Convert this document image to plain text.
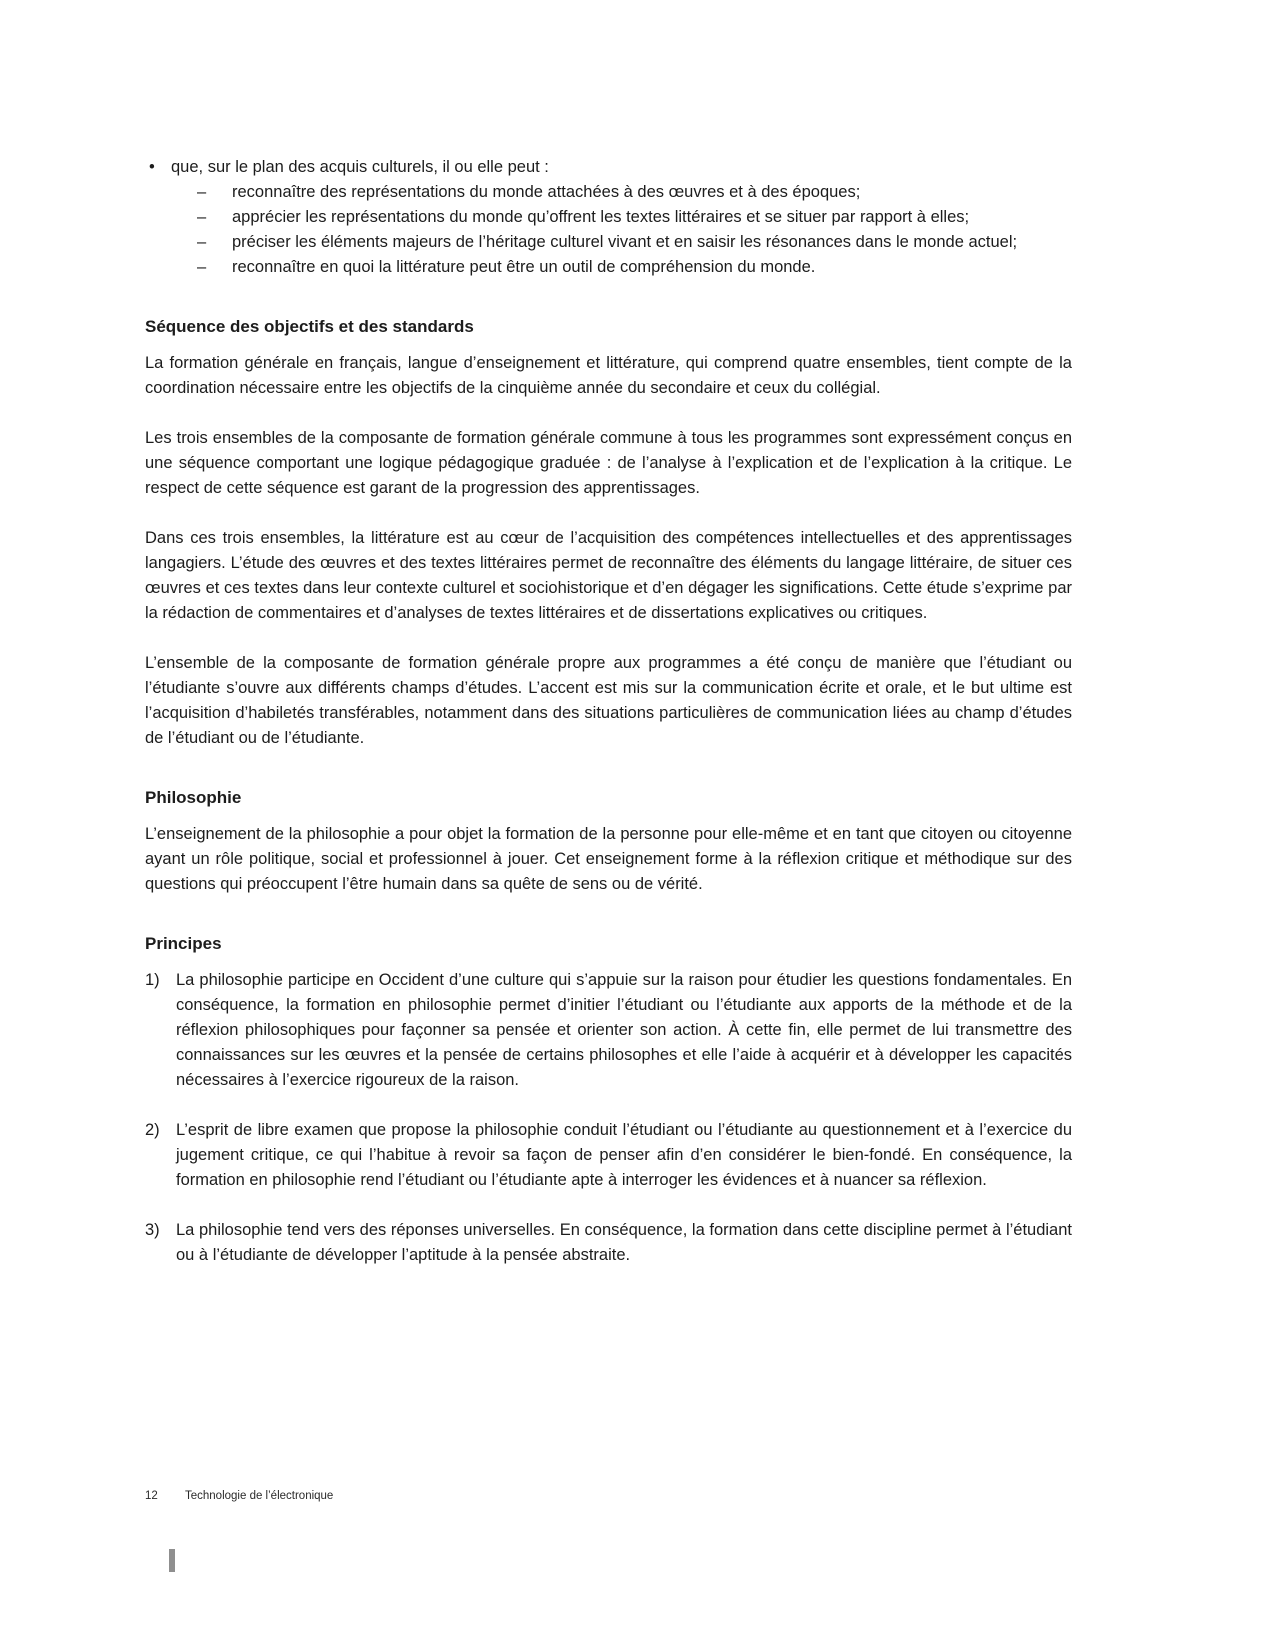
• que, sur le plan des acquis culturels, il ou elle peut :
–	reconnaître des représentations du monde attachées à des œuvres et à des époques;
–	apprécier les représentations du monde qu’offrent les textes littéraires et se situer par rapport à elles;
–	préciser les éléments majeurs de l’héritage culturel vivant et en saisir les résonances dans le monde actuel;
–	reconnaître en quoi la littérature peut être un outil de compréhension du monde.
Séquence des objectifs et des standards

La formation générale en français, langue d’enseignement et littérature, qui comprend quatre ensembles, tient compte de la coordination nécessaire entre les objectifs de la cinquième année du secondaire et ceux du collégial.

Les trois ensembles de la composante de formation générale commune à tous les programmes sont expressément conçus en une séquence comportant une logique pédagogique graduée : de l’analyse à l’explication et de l’explication à la critique. Le respect de cette séquence est garant de la progression des apprentissages.

Dans ces trois ensembles, la littérature est au cœur de l’acquisition des compétences intellectuelles et des apprentissages langagiers. L’étude des œuvres et des textes littéraires permet de reconnaître des éléments du langage littéraire, de situer ces œuvres et ces textes dans leur contexte culturel et sociohistorique et d’en dégager les significations. Cette étude s’exprime par la rédaction de commentaires et d’analyses de textes littéraires et de dissertations explicatives ou critiques.

L’ensemble de la composante de formation générale propre aux programmes a été conçu de manière que l’étudiant ou l’étudiante s’ouvre aux différents champs d’études. L’accent est mis sur la communication écrite et orale, et le but ultime est l’acquisition d’habiletés transférables, notamment dans des situations particulières de communication liées au champ d’études de l’étudiant ou de l’étudiante.

Philosophie

L’enseignement de la philosophie a pour objet la formation de la personne pour elle-même et en tant que citoyen ou citoyenne ayant un rôle politique, social et professionnel à jouer. Cet enseignement forme à la réflexion critique et méthodique sur des questions qui préoccupent l’être humain dans sa quête de sens ou de vérité.

Principes
1) La philosophie participe en Occident d’une culture qui s’appuie sur la raison pour étudier les questions fondamentales. En conséquence, la formation en philosophie permet d’initier l’étudiant ou l’étudiante aux apports de la méthode et de la réflexion philosophiques pour façonner sa pensée et orienter son action. À cette fin, elle permet de lui transmettre des connaissances sur les œuvres et la pensée de certains philosophes et elle l’aide à acquérir et à développer les capacités nécessaires à l’exercice rigoureux de la raison.
2) L’esprit de libre examen que propose la philosophie conduit l’étudiant ou l’étudiante au questionnement et à l’exercice du jugement critique, ce qui l’habitue à revoir sa façon de penser afin d’en considérer le bien-fondé. En conséquence, la formation en philosophie rend l’étudiant ou l’étudiante apte à interroger les évidences et à nuancer sa réflexion.
3) La philosophie tend vers des réponses universelles. En conséquence, la formation dans cette discipline permet à l’étudiant ou à l’étudiante de développer l’aptitude à la pensée abstraite.
12	Technologie de l’électronique
